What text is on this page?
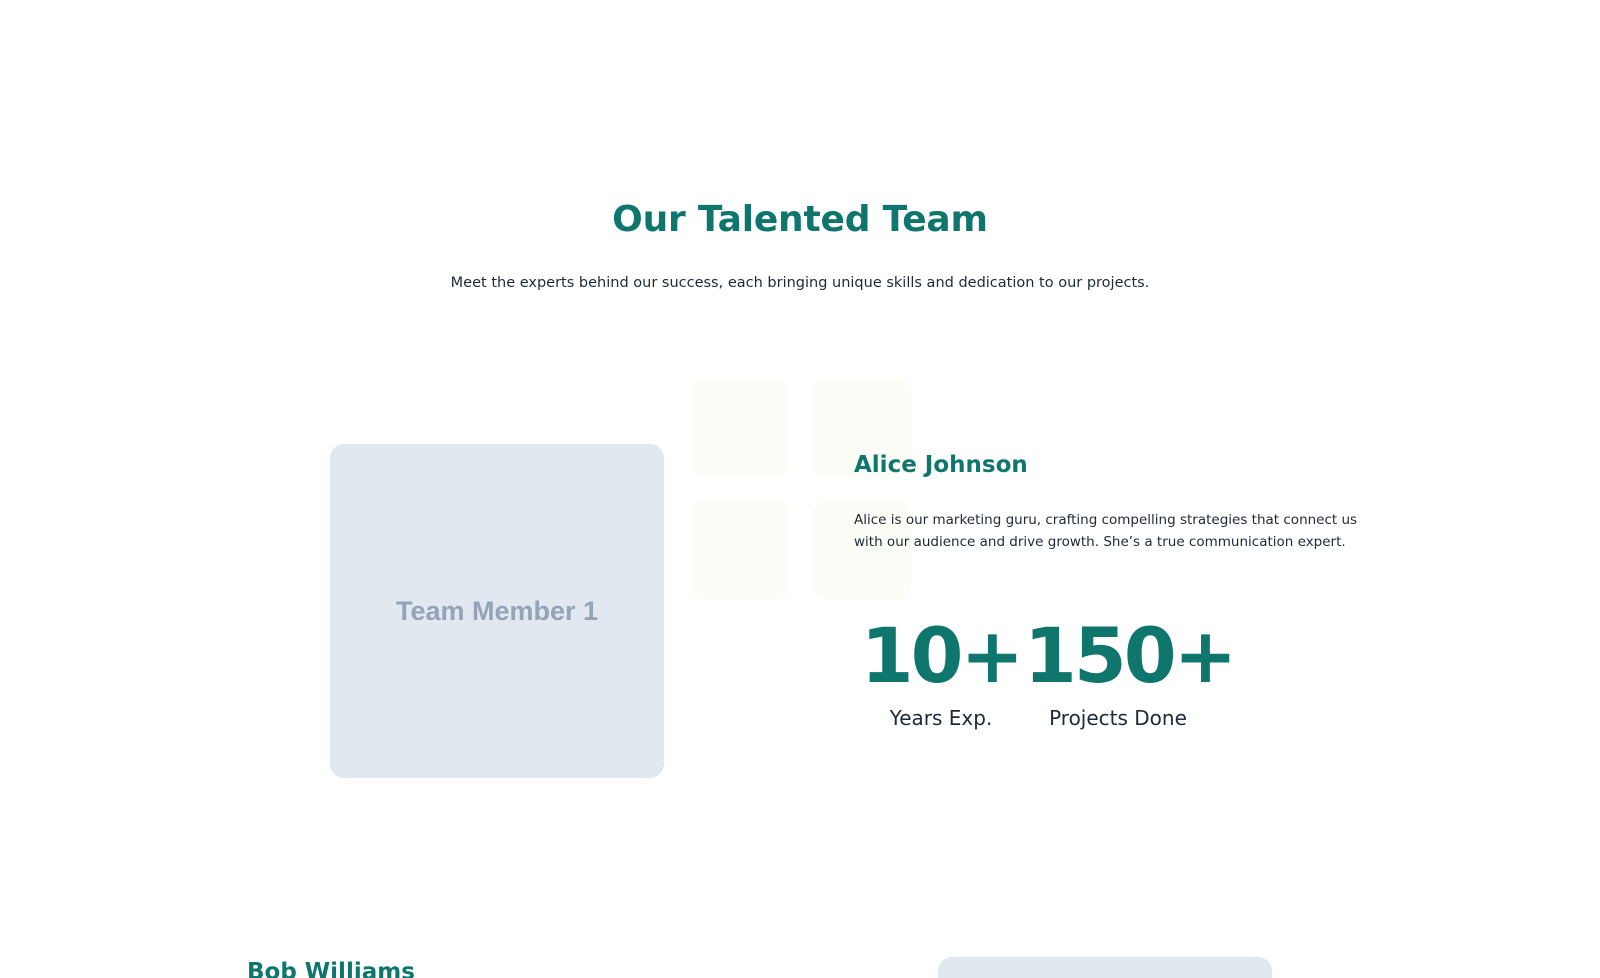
Our Talented Team

Meet the experts behind our success, each bringing unique skills and dedication to our projects.

Team Member 1
Alice Johnson

Alice is our marketing guru, crafting compelling strategies that connect us with our audience and drive growth. She’s a true communication expert.

10+
Years Exp.
150+
Projects Done
Bob Williams
